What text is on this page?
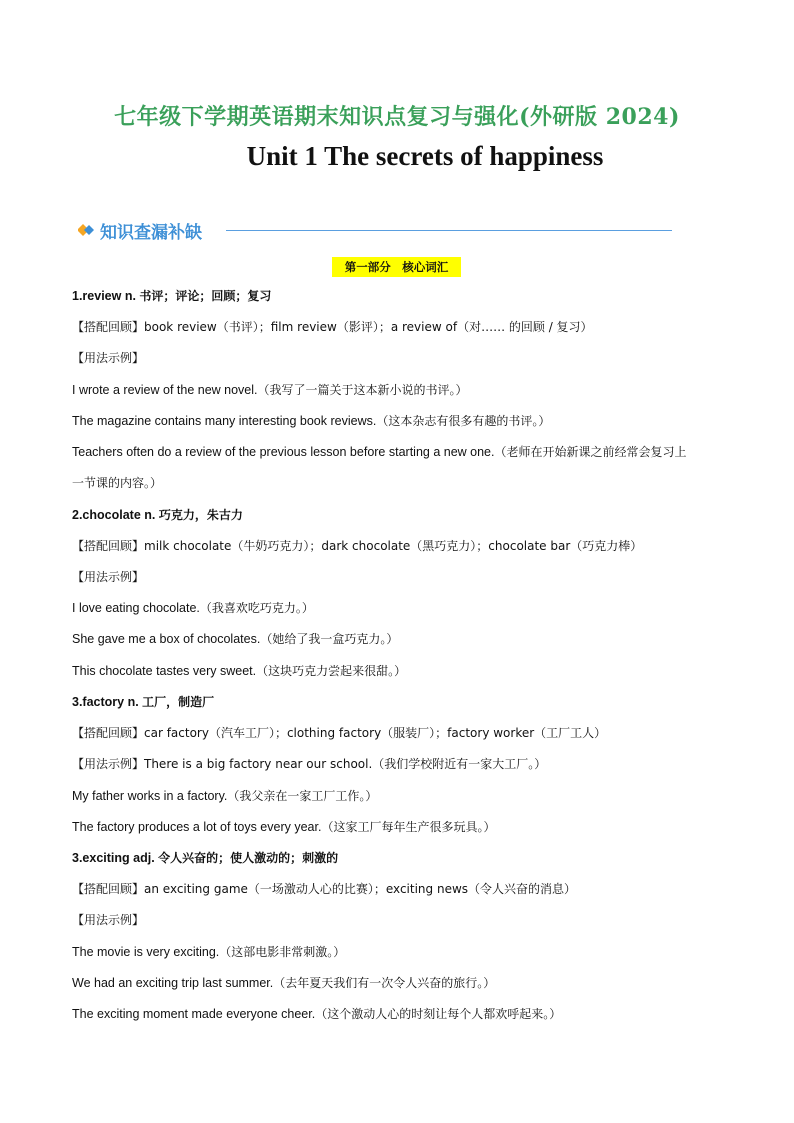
七年级下学期英语期末知识点复习与强化(外研版 2024)
Unit 1 The secrets of happiness
知识查漏补缺
第一部分　核心词汇
1.review n. 书评；评论；回顾；复习
【搭配回顾】book review（书评）；film review（影评）；a review of（对…… 的回顾 / 复习）
【用法示例】
I wrote a review of the new novel.（我写了一篇关于这本新小说的书评。）
The magazine contains many interesting book reviews.（这本杂志有很多有趣的书评。）
Teachers often do a review of the previous lesson before starting a new one.（老师在开始新课之前经常会复习上
一节课的内容。）
2.chocolate n. 巧克力，朱古力
【搭配回顾】milk chocolate（牛奶巧克力）；dark chocolate（黑巧克力）；chocolate bar（巧克力棒）
【用法示例】
I love eating chocolate.（我喜欢吃巧克力。）
She gave me a box of chocolates.（她给了我一盒巧克力。）
This chocolate tastes very sweet.（这块巧克力尝起来很甜。）
3.factory n. 工厂，制造厂
【搭配回顾】car factory（汽车工厂）；clothing factory（服装厂）；factory worker（工厂工人）
【用法示例】There is a big factory near our school.（我们学校附近有一家大工厂。）
My father works in a factory.（我父亲在一家工厂工作。）
The factory produces a lot of toys every year.（这家工厂每年生产很多玩具。）
3.exciting adj. 令人兴奋的；使人激动的；刺激的
【搭配回顾】an exciting game（一场激动人心的比赛）；exciting news（令人兴奋的消息）
【用法示例】
The movie is very exciting.（这部电影非常刺激。）
We had an exciting trip last summer.（去年夏天我们有一次令人兴奋的旅行。）
The exciting moment made everyone cheer.（这个激动人心的时刻让每个人都欢呼起来。）
